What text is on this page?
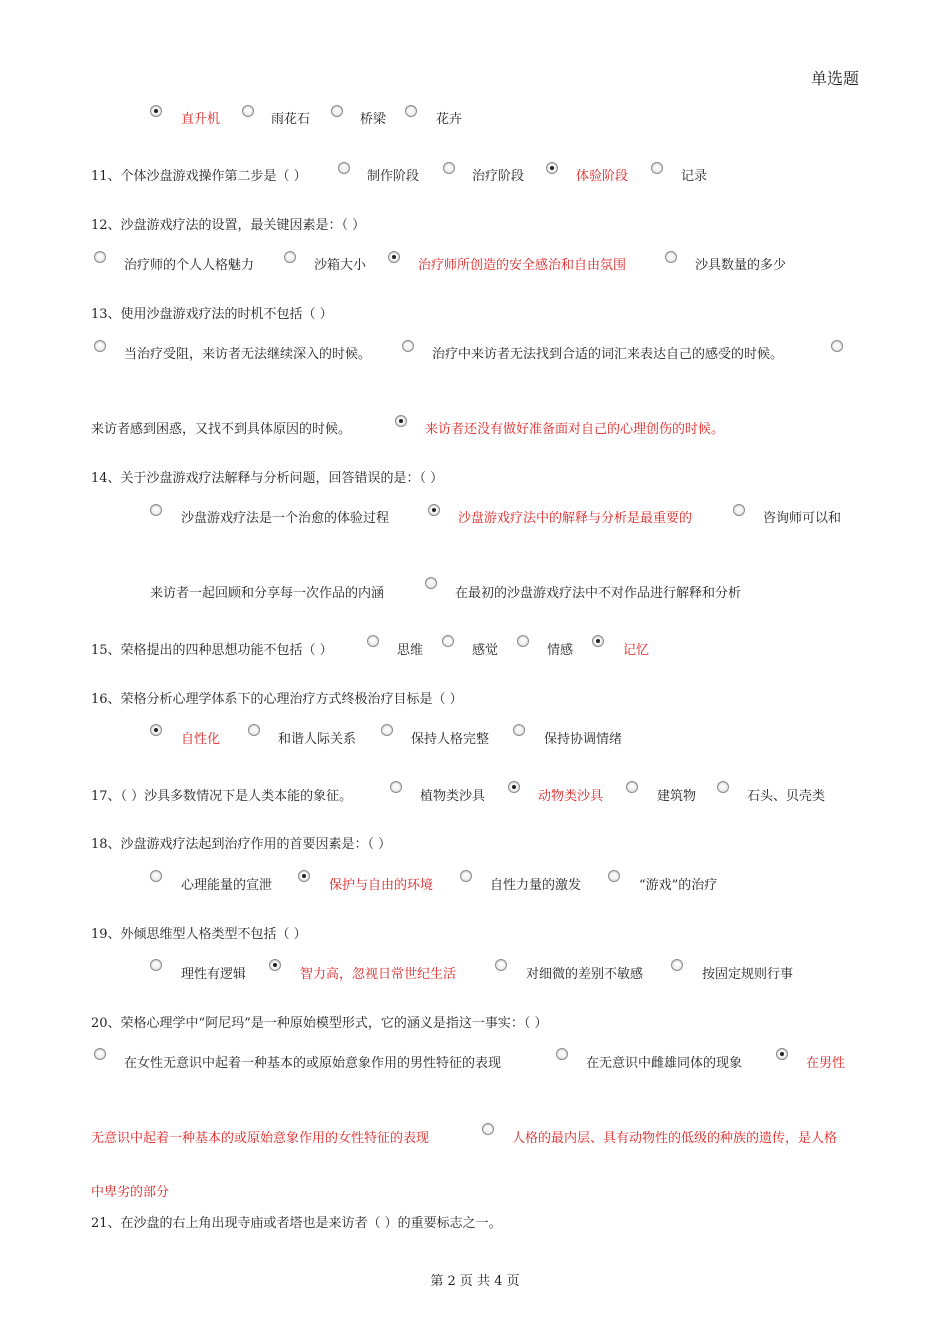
单选题
直升机	雨花石	桥梁	花卉
11、个体沙盘游戏操作第二步是（ ）	制作阶段	治疗阶段	体验阶段	记录
12、沙盘游戏疗法的设置，最关键因素是：（ ）
治疗师的个人人格魅力	沙箱大小	治疗师所创造的安全感治和自由氛围	沙具数量的多少
13、使用沙盘游戏疗法的时机不包括（ ）
当治疗受阻，来访者无法继续深入的时候。	治疗中来访者无法找到合适的词汇来表达自己的感受的时候。
来访者感到困惑，又找不到具体原因的时候。	来访者还没有做好准备面对自己的心理创伤的时候。
14、关于沙盘游戏疗法解释与分析问题，回答错误的是：（ ）
沙盘游戏疗法是一个治愈的体验过程	沙盘游戏疗法中的解释与分析是最重要的	咨询师可以和
来访者一起回顾和分享每一次作品的内涵	在最初的沙盘游戏疗法中不对作品进行解释和分析
15、荣格提出的四种思想功能不包括（ ）	思维	感觉	情感	记忆
16、荣格分析心理学体系下的心理治疗方式终极治疗目标是（ ）
自性化	和谐人际关系	保持人格完整	保持协调情绪
17、（ ）沙具多数情况下是人类本能的象征。	植物类沙具	动物类沙具	建筑物	石头、贝壳类
18、沙盘游戏疗法起到治疗作用的首要因素是：（ ）
心理能量的宣泄	保护与自由的环境	自性力量的激发	“游戏”的治疗
19、外倾思维型人格类型不包括（ ）
理性有逻辑	智力高，忽视日常世纪生活	对细微的差别不敏感	按固定规则行事
20、荣格心理学中“阿尼玛”是一种原始模型形式，它的涵义是指这一事实：（ ）
在女性无意识中起着一种基本的或原始意象作用的男性特征的表现	在无意识中雌雄同体的现象	在男性
无意识中起着一种基本的或原始意象作用的女性特征的表现	人格的最内层、具有动物性的低级的种族的遗传，是人格
中卑劣的部分
21、在沙盘的右上角出现寺庙或者塔也是来访者（ ）的重要标志之一。
第 2 页 共 4 页
